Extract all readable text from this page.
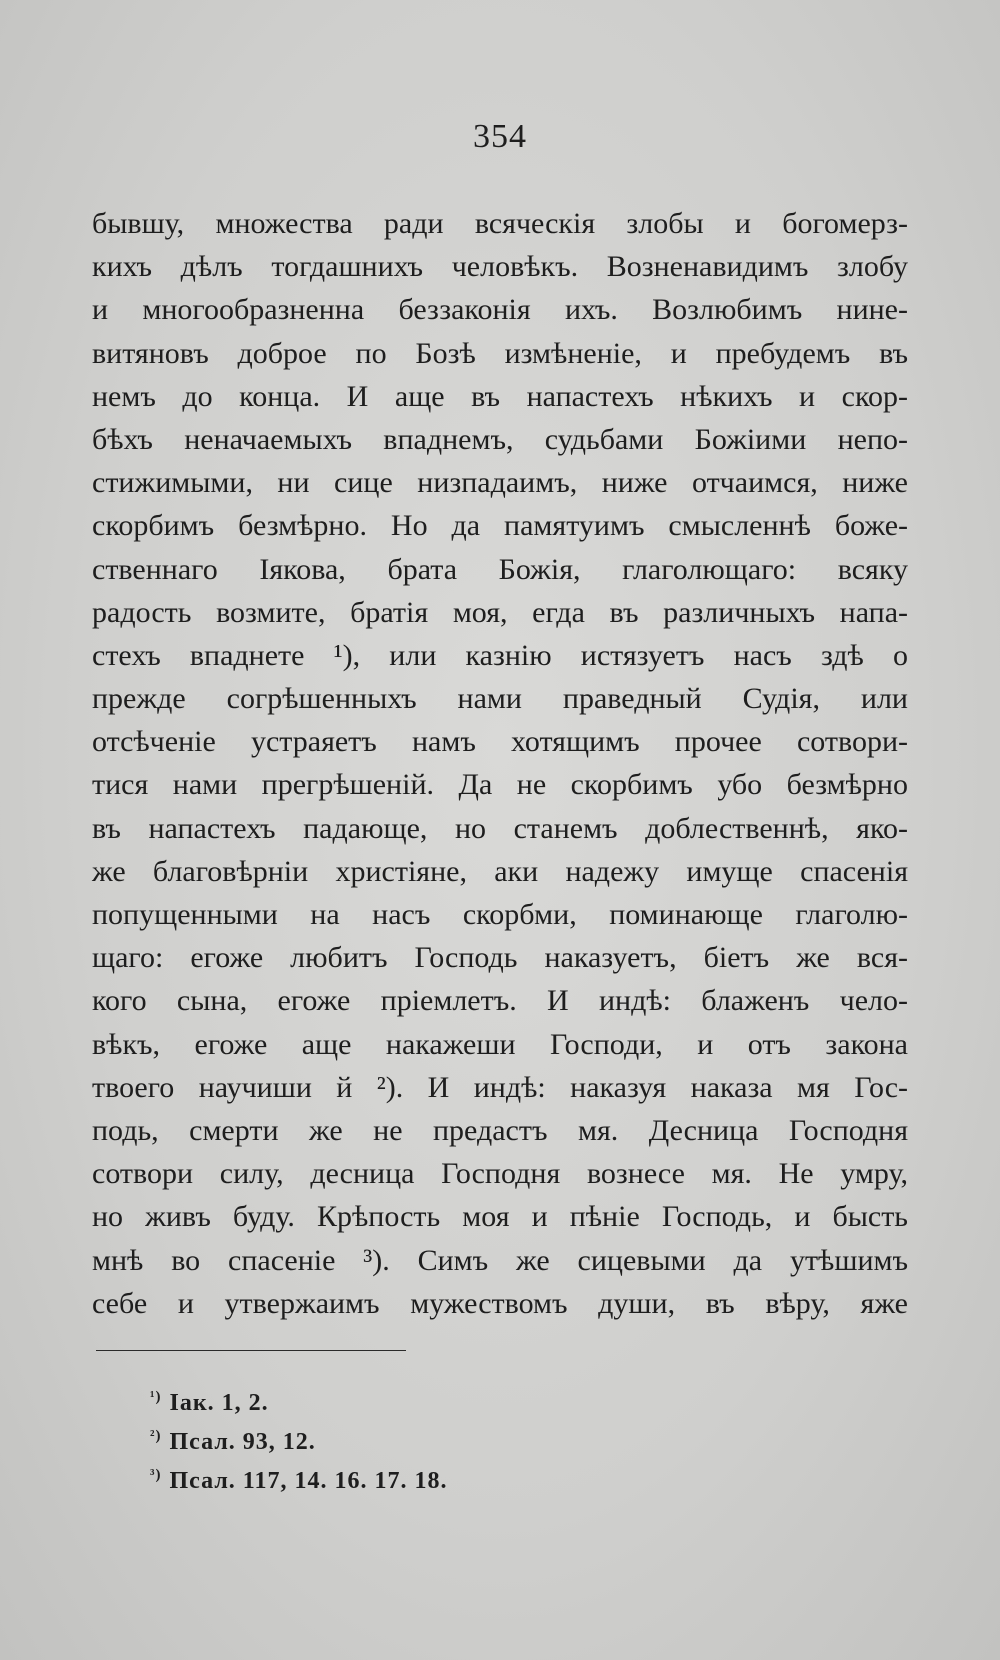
354
бывшу, множества ради всяческія злобы и богомерз-
кихъ дѣлъ тогдашнихъ человѣкъ. Возненавидимъ злобу
и многообразненна беззаконія ихъ. Возлюбимъ нине-
витяновъ доброе по Бозѣ измѣненіе, и пребудемъ въ
немъ до конца. И аще въ напастехъ нѣкихъ и скор-
бѣхъ неначаемыхъ впаднемъ, судьбами Божіими непо-
стижимыми, ни сице низпадаимъ, ниже отчаимся, ниже
скорбимъ безмѣрно. Но да памятуимъ смысленнѣ боже-
ственнаго Іякова, брата Божія, глаголющаго: всяку
радость возмите, братія моя, егда въ различныхъ напа-
стехъ впаднете ¹), или казнію истязуетъ насъ здѣ о
прежде согрѣшенныхъ нами праведный Судія, или
отсѣченіе устраяетъ намъ хотящимъ прочее сотвори-
тися нами прегрѣшеній. Да не скорбимъ убо безмѣрно
въ напастехъ падающе, но станемъ доблественнѣ, яко-
же благовѣрніи христіяне, аки надежу имуще спасенія
попущенными на насъ скорбми, поминающе глаголю-
щаго: егоже любитъ Господь наказуетъ, біетъ же вся-
кого сына, егоже пріемлетъ. И индѣ: блаженъ чело-
вѣкъ, егоже аще накажеши Господи, и отъ закона
твоего научиши й ²). И индѣ: наказуя наказа мя Гос-
подь, смерти же не предастъ мя. Десница Господня
сотвори силу, десница Господня вознесе мя. Не умру,
но живъ буду. Крѣпость моя и пѣніе Господь, и бысть
мнѣ во спасеніе ³). Симъ же сицевыми да утѣшимъ
себе и утвержаимъ мужествомъ души, въ вѣру, яже
$^{^1)}$ Іак. 1, 2.
$^{^2)}$ Псал. 93, 12.
$^{^3)}$ Псал. 117, 14. 16. 17. 18.
